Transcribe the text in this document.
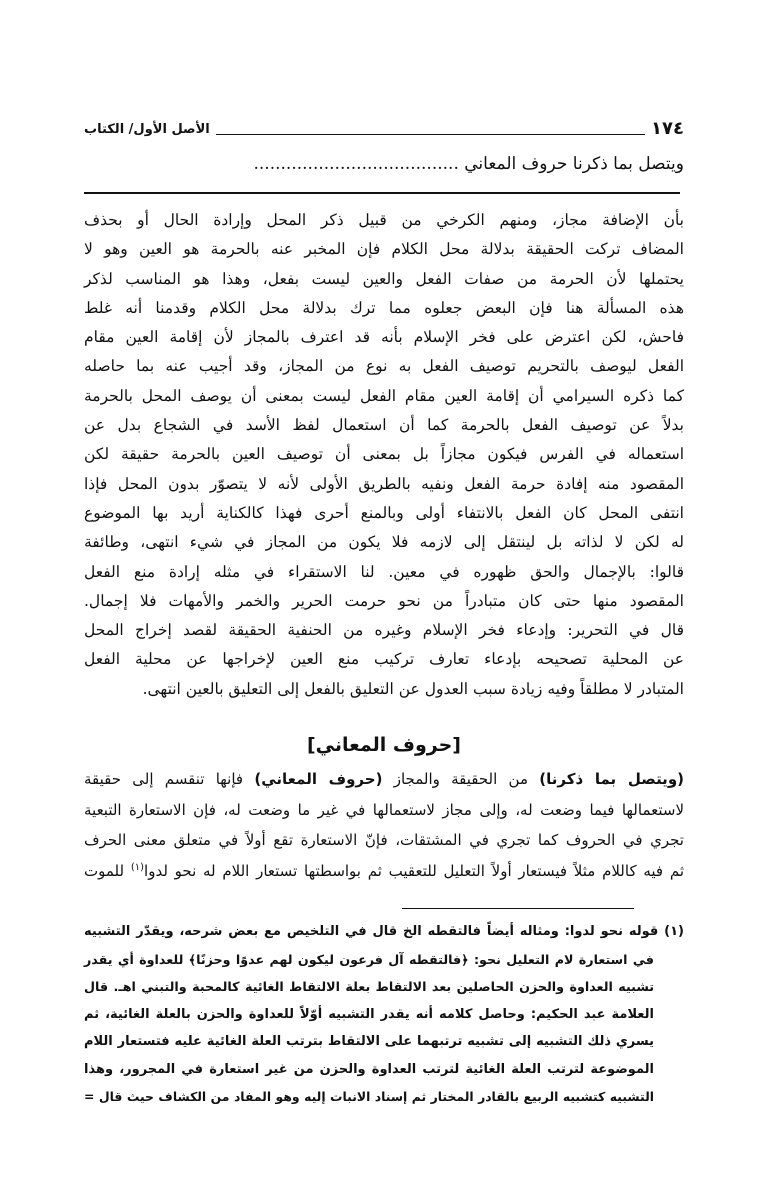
١٧٤
الأصل الأول/ الكتاب
ويتصل بما ذكرنا حروف المعاني ......................................
بأن الإضافة مجاز، ومنهم الكرخي من قبيل ذكر المحل وإرادة الحال أو بحذف
المضاف تركت الحقيقة بدلالة محل الكلام فإن المخبر عنه بالحرمة هو العين وهو لا
يحتملها لأن الحرمة من صفات الفعل والعين ليست بفعل، وهذا هو المناسب لذكر
هذه المسألة هنا فإن البعض جعلوه مما ترك بدلالة محل الكلام وقدمنا أنه غلط
فاحش، لكن اعترض على فخر الإسلام بأنه قد اعترف بالمجاز لأن إقامة العين مقام
الفعل ليوصف بالتحريم توصيف الفعل به نوع من المجاز، وقد أجيب عنه بما حاصله
كما ذكره السيرامي أن إقامة العين مقام الفعل ليست بمعنى أن يوصف المحل بالحرمة
بدلاً عن توصيف الفعل بالحرمة كما أن استعمال لفظ الأسد في الشجاع بدل عن
استعماله في الفرس فيكون مجازاً بل بمعنى أن توصيف العين بالحرمة حقيقة لكن
المقصود منه إفادة حرمة الفعل ونفيه بالطريق الأولى لأنه لا يتصوّر بدون المحل فإذا
انتفى المحل كان الفعل بالانتفاء أولى وبالمنع أحرى فهذا كالكناية أريد بها الموضوع
له لكن لا لذاته بل لينتقل إلى لازمه فلا يكون من المجاز في شيء انتهى، وطائفة
قالوا: بالإجمال والحق ظهوره في معين. لنا الاستقراء في مثله إرادة منع الفعل
المقصود منها حتى كان متبادراً من نحو حرمت الحرير والخمر والأمهات فلا إجمال.
قال في التحرير: وإدعاء فخر الإسلام وغيره من الحنفية الحقيقة لقصد إخراج المحل
عن المحلية تصحيحه بإدعاء تعارف تركيب منع العين لإخراجها عن محلية الفعل
المتبادر لا مطلقاً وفيه زيادة سبب العدول عن التعليق بالفعل إلى التعليق بالعين انتهى.
[حروف المعاني]
(ويتصل بما ذكرنا) من الحقيقة والمجاز (حروف المعاني) فإنها تنقسم إلى حقيقة
لاستعمالها فيما وضعت له، وإلى مجاز لاستعمالها في غير ما وضعت له، فإن الاستعارة التبعية
تجري في الحروف كما تجري في المشتقات، فإنّ الاستعارة تقع أولاً في متعلق معنى الحرف
ثم فيه كاللام مثلاً فيستعار أولاً التعليل للتعقيب ثم بواسطتها تستعار اللام له نحو لدوا$^{(١)}$ للموت
(١) قوله نحو لدوا: ومثاله أيضاً فالتقطه الخ قال في التلخيص مع بعض شرحه، ويقدّر التشبيه
في استعارة لام التعليل نحو: ﴿فالتقطه آل فرعون ليكون لهم عدوًا وحزنًا﴾ للعداوة أي يقدر
تشبيه العداوة والحزن الحاصلين بعد الالتقاط بعلة الالتقاط الغائية كالمحبة والتبني اهـ. قال
العلامة عبد الحكيم: وحاصل كلامه أنه يقدر التشبيه أوّلاً للعداوة والحزن بالعلة الغائية، ثم
يسري ذلك التشبيه إلى تشبيه ترتبهما على الالتقاط بترتب العلة الغائية عليه فتستعار اللام
الموضوعة لترتب العلة الغائية لترتب العداوة والحزن من غير استعارة في المجرور، وهذا
التشبيه كتشبيه الربيع بالقادر المختار ثم إسناد الانبات إليه وهو المفاد من الكشاف حيث قال =
